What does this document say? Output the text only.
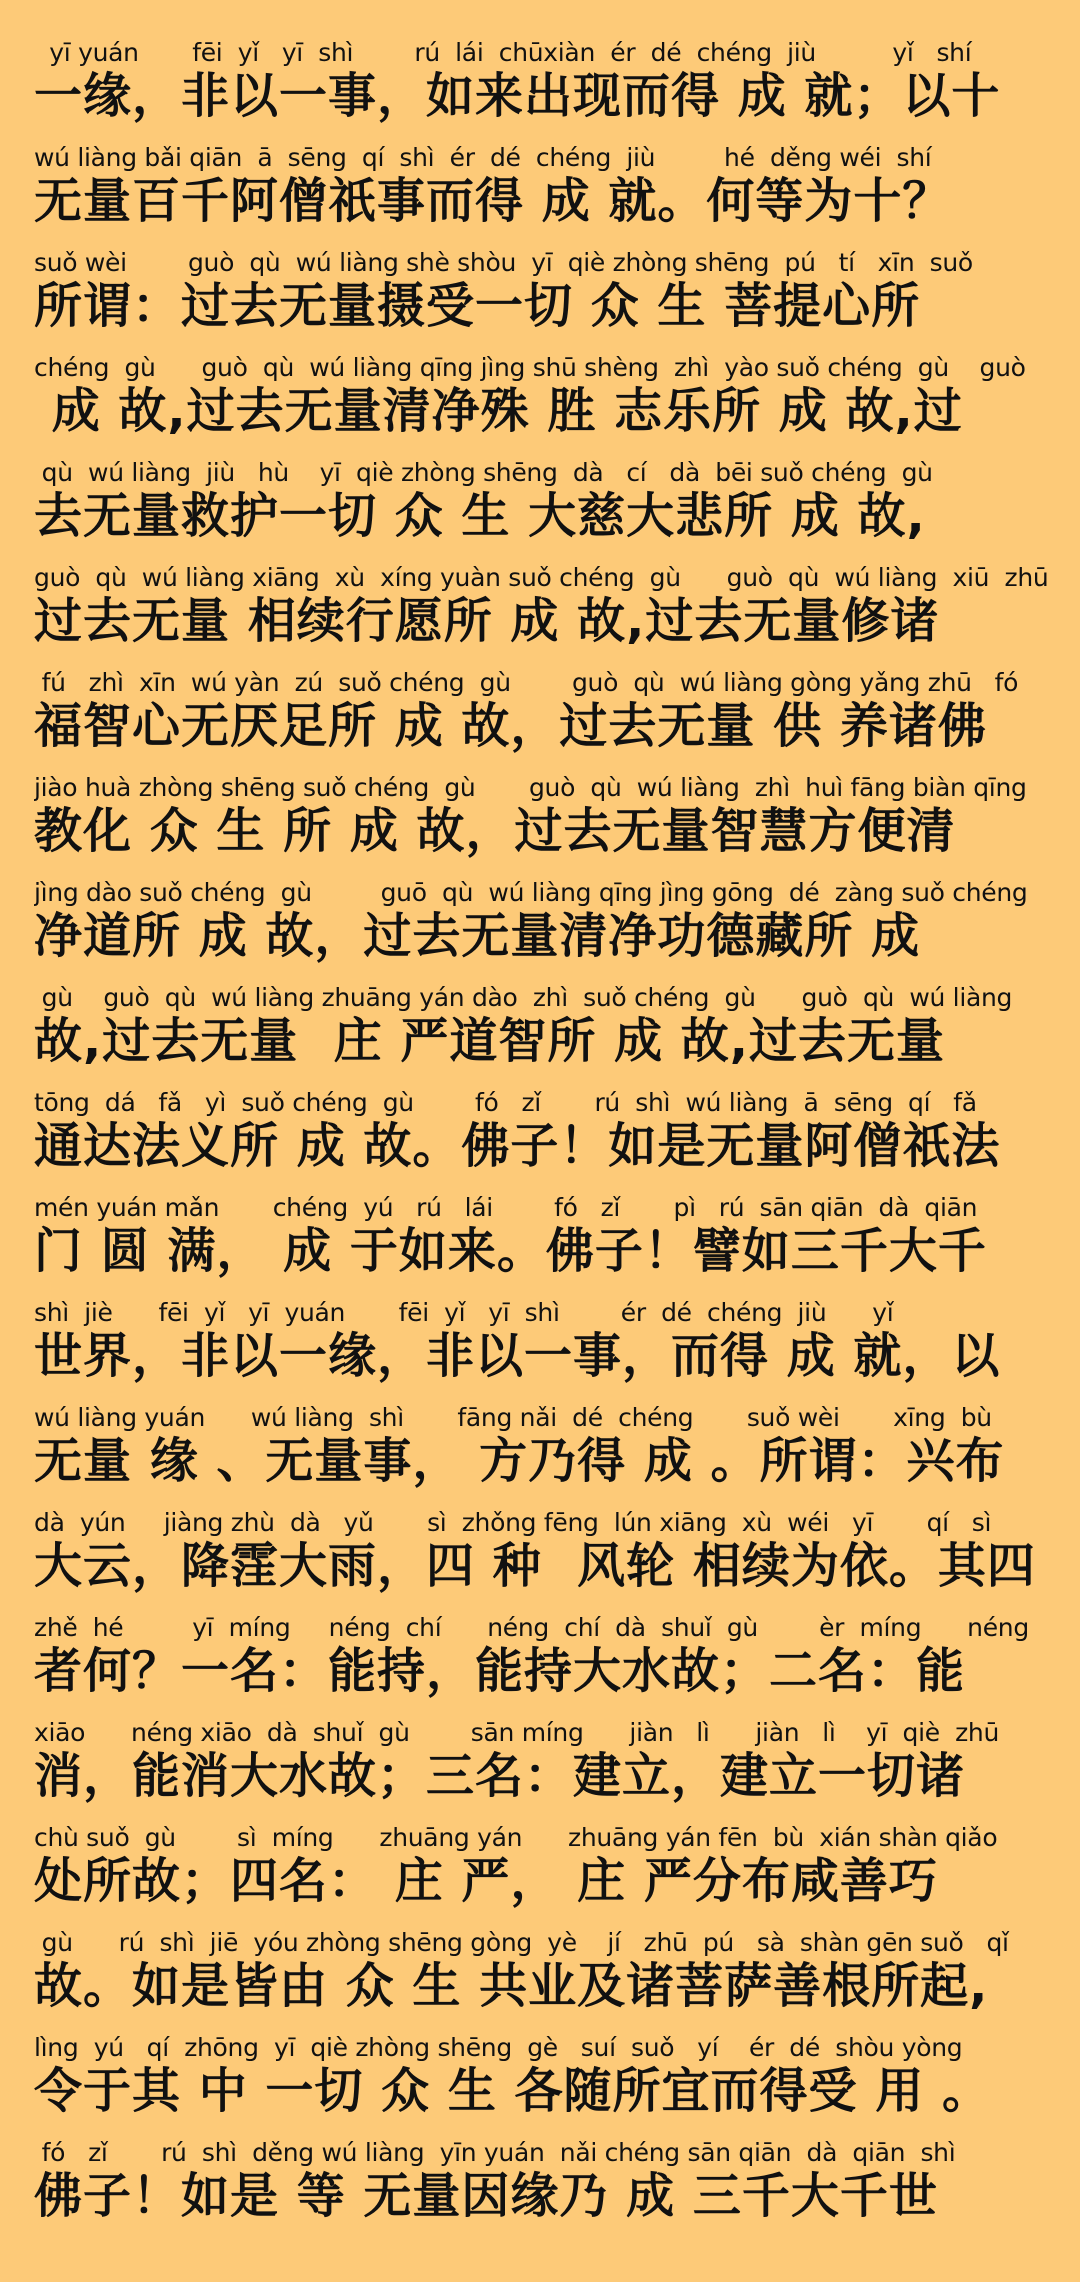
yī yuán       fēi  yǐ   yī  shì        rú  lái  chūxiàn  ér  dé  chéng  jiù          yǐ   shí
一缘，非以一事，如来出现而得 成 就；以十
wú liàng bǎi qiān  ā  sēng  qí  shì  ér  dé  chéng  jiù         hé  děng wéi  shí
无量百千阿僧祇事而得 成 就。何等为十？
suǒ wèi        guò  qù  wú liàng shè shòu  yī  qiè zhòng shēng  pú   tí   xīn  suǒ
所谓：过去无量摄受一切 众 生 菩提心所
chéng  gù      guò  qù  wú liàng qīng jìng shū shèng  zhì  yào suǒ chéng  gù    guò
成 故,过去无量清净殊 胜 志乐所 成 故,过
qù  wú liàng  jiù   hù    yī  qiè zhòng shēng  dà   cí   dà  bēi suǒ chéng  gù
去无量救护一切 众 生 大慈大悲所 成 故,
guò  qù  wú liàng xiāng  xù  xíng yuàn suǒ chéng  gù      guò  qù  wú liàng  xiū  zhū
过去无量 相续行愿所 成 故,过去无量修诸
fú   zhì  xīn  wú yàn  zú  suǒ chéng  gù        guò  qù  wú liàng gòng yǎng zhū   fó
福智心无厌足所 成 故，过去无量 供 养诸佛
jiào huà zhòng shēng suǒ chéng  gù       guò  qù  wú liàng  zhì  huì fāng biàn qīng
教化 众 生 所 成 故，过去无量智慧方便清
jìng dào suǒ chéng  gù         guō  qù  wú liàng qīng jìng gōng  dé  zàng suǒ chéng
净道所 成 故，过去无量清净功德藏所 成
gù    guò  qù  wú liàng zhuāng yán dào  zhì  suǒ chéng  gù      guò  qù  wú liàng
故,过去无量  庄 严道智所 成 故,过去无量
tōng  dá   fǎ   yì  suǒ chéng  gù        fó   zǐ       rú  shì  wú liàng  ā  sēng  qí   fǎ
通达法义所 成 故。佛子！如是无量阿僧祇法
mén yuán mǎn       chéng  yú   rú   lái        fó   zǐ       pì   rú  sān qiān  dà  qiān
门 圆 满， 成 于如来。佛子！譬如三千大千
shì  jiè      fēi  yǐ   yī  yuán       fēi  yǐ   yī  shì        ér  dé  chéng  jiù      yǐ
世界，非以一缘，非以一事，而得 成 就，以
wú liàng yuán      wú liàng  shì       fāng nǎi  dé  chéng       suǒ wèi       xīng  bù
无量 缘 、无量事， 方乃得 成 。所谓：兴布
dà  yún     jiàng zhù  dà   yǔ       sì  zhǒng fēng  lún xiāng  xù  wéi   yī       qí   sì
大云，降霔大雨，四 种  风轮 相续为依。其四
zhě  hé         yī  míng     néng  chí      néng  chí  dà  shuǐ  gù        èr  míng      néng
者何？一名：能持，能持大水故；二名：能
xiāo      néng xiāo  dà  shuǐ  gù        sān míng      jiàn   lì      jiàn   lì    yī  qiè  zhū
消，能消大水故；三名：建立，建立一切诸
chù suǒ  gù        sì  míng      zhuāng yán      zhuāng yán fēn  bù  xián shàn qiǎo
处所故；四名： 庄 严， 庄 严分布咸善巧
gù      rú  shì  jiē  yóu zhòng shēng gòng  yè    jí   zhū  pú   sà  shàn gēn suǒ   qǐ
故。如是皆由 众 生 共业及诸菩萨善根所起,
lìng  yú   qí  zhōng  yī  qiè zhòng shēng  gè   suí  suǒ   yí    ér  dé  shòu yòng
令于其 中 一切 众 生 各随所宜而得受 用 。
fó   zǐ       rú  shì  děng wú liàng  yīn yuán  nǎi chéng sān qiān  dà  qiān  shì
佛子！如是 等 无量因缘乃 成 三千大千世
